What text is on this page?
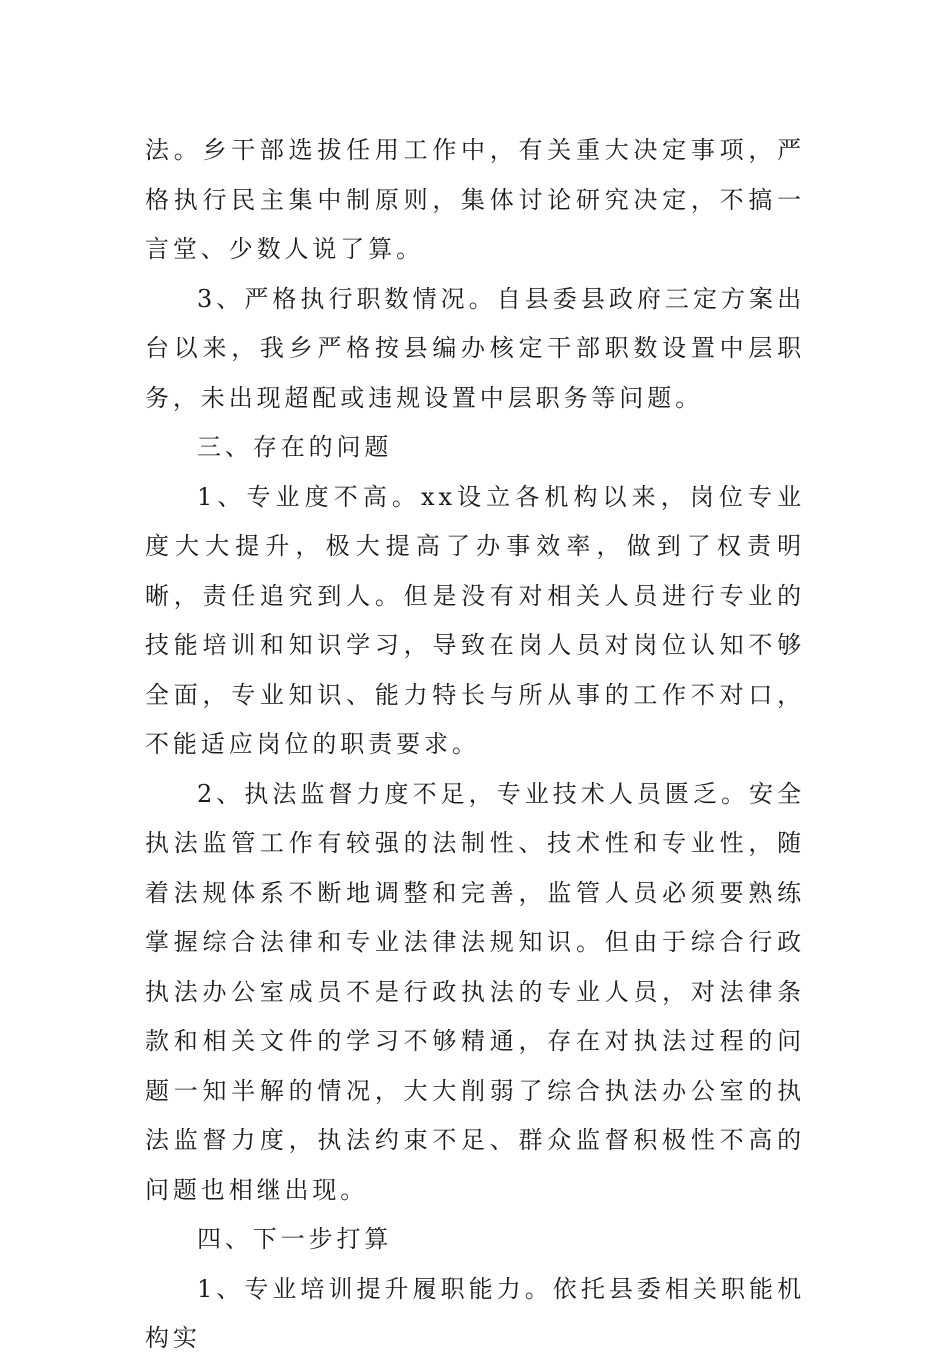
法。乡干部选拔任用工作中，有关重大决定事项，严格执行民主集中制原则，集体讨论研究决定，不搞一言堂、少数人说了算。

3、严格执行职数情况。自县委县政府三定方案出台以来，我乡严格按县编办核定干部职数设置中层职务，未出现超配或违规设置中层职务等问题。

三、存在的问题

1、专业度不高。xx设立各机构以来，岗位专业度大大提升，极大提高了办事效率，做到了权责明晰，责任追究到人。但是没有对相关人员进行专业的技能培训和知识学习，导致在岗人员对岗位认知不够全面，专业知识、能力特长与所从事的工作不对口，不能适应岗位的职责要求。

2、执法监督力度不足，专业技术人员匮乏。安全执法监管工作有较强的法制性、技术性和专业性，随着法规体系不断地调整和完善，监管人员必须要熟练掌握综合法律和专业法律法规知识。但由于综合行政执法办公室成员不是行政执法的专业人员，对法律条款和相关文件的学习不够精通，存在对执法过程的问题一知半解的情况，大大削弱了综合执法办公室的执法监督力度，执法约束不足、群众监督积极性不高的问题也相继出现。

四、下一步打算

1、专业培训提升履职能力。依托县委相关职能机构实
